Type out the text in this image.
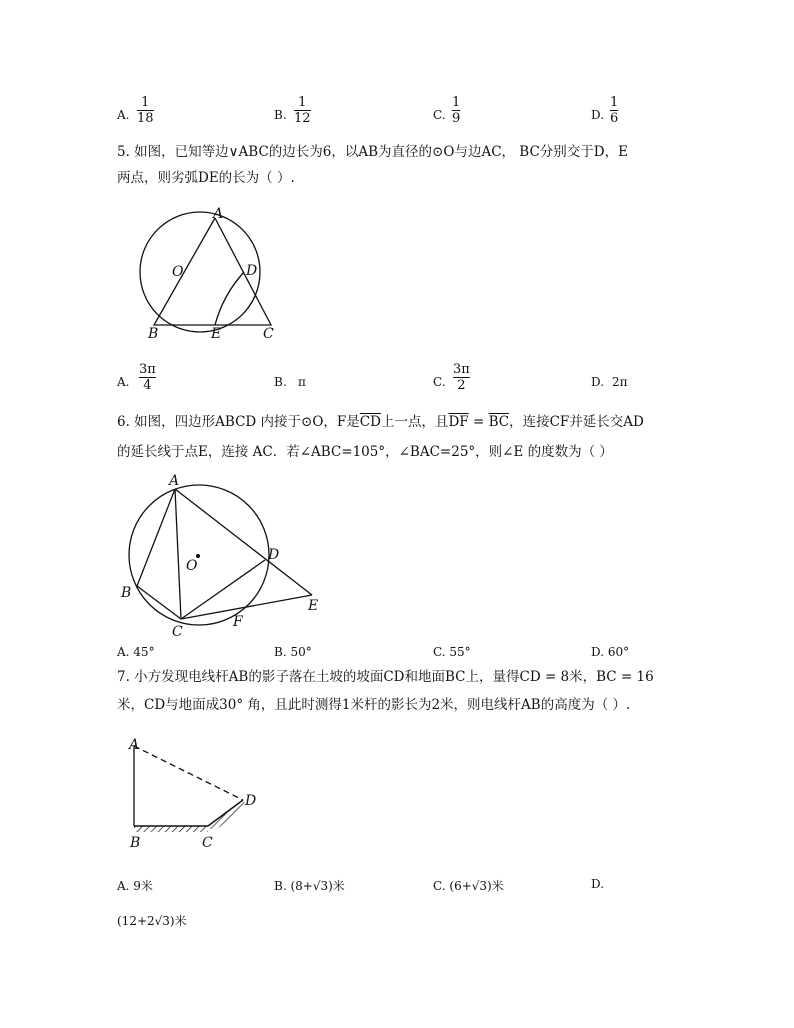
A.
1
18	B.
1
12	C.
1
9	D.
1
6
5. 如图，已知等边∨ABC的边长为6，以AB为直径的⊙O与边AC， BC分别交于D，E
两点，则劣弧DE的长为（ ）.
A
O	D
B	E	C
A.
3π
4	B. π	C.
3π
2	D. 2π
6. 如图，四边形ABCD 内接于⊙O，F是$\overline{CD}$上一点，且$\overline{DF} = \overline{BC}$，连接CF并延长交AD
的延长线于点E，连接 AC．若∠ABC=105°，∠BAC=25°，则∠E 的度数为（ ）
A
O
D
B
C
F
E
A. 45°	B. 50°	C. 55°	D. 60°
7. 小方发现电线杆AB的影子落在土坡的坡面CD和地面BC上，量得CD = 8米，BC = 16
米，CD与地面成30° 角，且此时测得1米杆的影长为2米，则电线杆AB的高度为（ ）.
A
B	C
D
A. 9米	B. (8+√3)米	C. (6+√3)米	D.
(12+2√3)米
